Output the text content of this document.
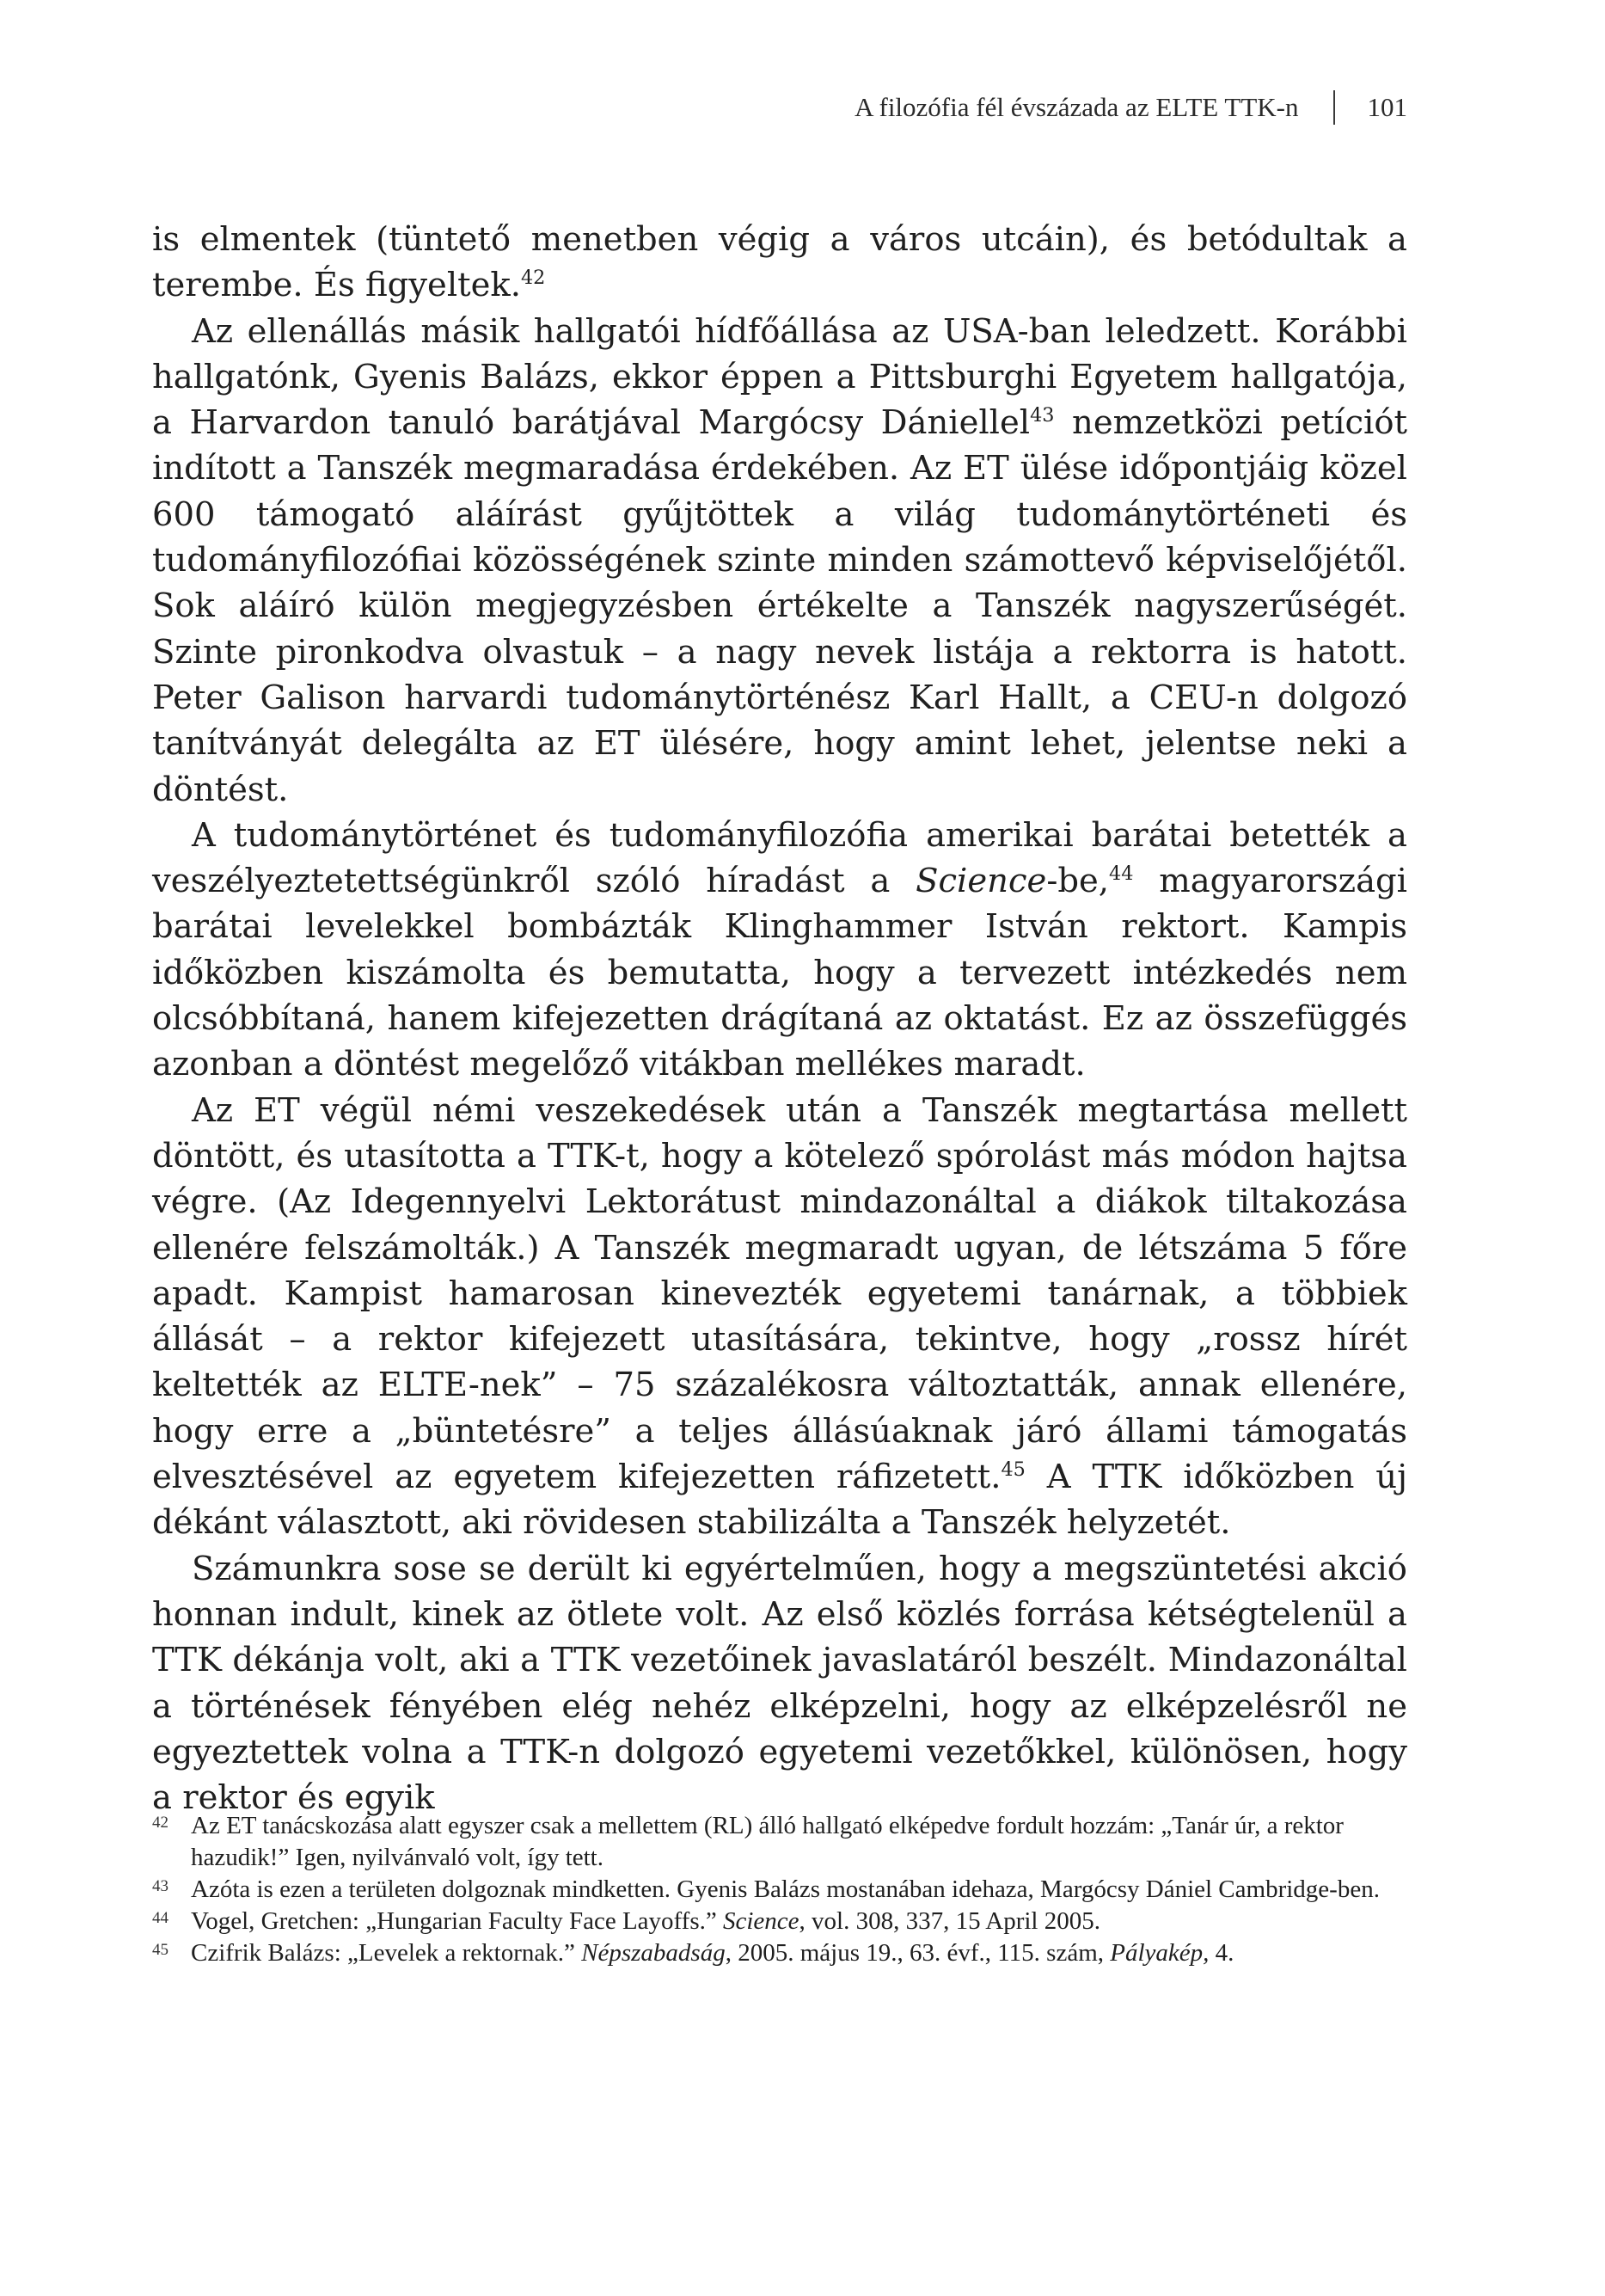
A filozófia fél évszázada az ELTE TTK-n	101

is elmentek (tüntető menetben végig a város utcáin), és betódultak a terembe. És figyeltek.$^{42}$

Az ellenállás másik hallgatói hídfőállása az USA-ban leledzett. Korábbi hallgatónk, Gyenis Balázs, ekkor éppen a Pittsburghi Egyetem hallgatója, a Harvardon tanuló barátjával Margócsy Dániellel$^{43}$ nemzetközi petíciót indított a Tanszék megmaradása érdekében. Az ET ülése időpontjáig közel 600 támogató aláírást gyűjtöttek a világ tudománytörténeti és tudományfilozófiai közösségének szinte minden számottevő képviselőjétől. Sok aláíró külön megjegyzésben értékelte a Tanszék nagyszerűségét. Szinte pironkodva olvastuk – a nagy nevek listája a rektorra is hatott. Peter Galison harvardi tudománytörténész Karl Hallt, a CEU-n dolgozó tanítványát delegálta az ET ülésére, hogy amint lehet, jelentse neki a döntést.

A tudománytörténet és tudományfilozófia amerikai barátai betették a veszélyeztetettségünkről szóló híradást a Science-be,$^{44}$ magyarországi barátai levelekkel bombázták Klinghammer István rektort. Kampis időközben kiszámolta és bemutatta, hogy a tervezett intézkedés nem olcsóbbítaná, hanem kifejezetten drágítaná az oktatást. Ez az összefüggés azonban a döntést megelőző vitákban mellékes maradt.

Az ET végül némi veszekedések után a Tanszék megtartása mellett döntött, és utasította a TTK-t, hogy a kötelező spórolást más módon hajtsa végre. (Az Idegennyelvi Lektorátust mindazonáltal a diákok tiltakozása ellenére felszámolták.) A Tanszék megmaradt ugyan, de létszáma 5 főre apadt. Kampist hamarosan kinevezték egyetemi tanárnak, a többiek állását – a rektor kifejezett utasítására, tekintve, hogy „rossz hírét keltették az ELTE-nek” – 75 százalékosra változtatták, annak ellenére, hogy erre a „büntetésre” a teljes állásúaknak járó állami támogatás elvesztésével az egyetem kifejezetten ráfizetett.$^{45}$ A TTK időközben új dékánt választott, aki rövidesen stabilizálta a Tanszék helyzetét.

Számunkra sose se derült ki egyértelműen, hogy a megszüntetési akció honnan indult, kinek az ötlete volt. Az első közlés forrása kétségtelenül a TTK dékánja volt, aki a TTK vezetőinek javaslatáról beszélt. Mindazonáltal a történések fényében elég nehéz elképzelni, hogy az elképzelésről ne egyeztettek volna a TTK-n dolgozó egyetemi vezetőkkel, különösen, hogy a rektor és egyik

42 Az ET tanácskozása alatt egyszer csak a mellettem (RL) álló hallgató elképedve fordult hozzám: „Tanár úr, a rektor hazudik!” Igen, nyilvánvaló volt, így tett.
43 Azóta is ezen a területen dolgoznak mindketten. Gyenis Balázs mostanában idehaza, Margócsy Dániel Cambridge-ben.
44 Vogel, Gretchen: „Hungarian Faculty Face Layoffs.” Science, vol. 308, 337, 15 April 2005.
45 Czifrik Balázs: „Levelek a rektornak.” Népszabadság, 2005. május 19., 63. évf., 115. szám, Pályakép, 4.
